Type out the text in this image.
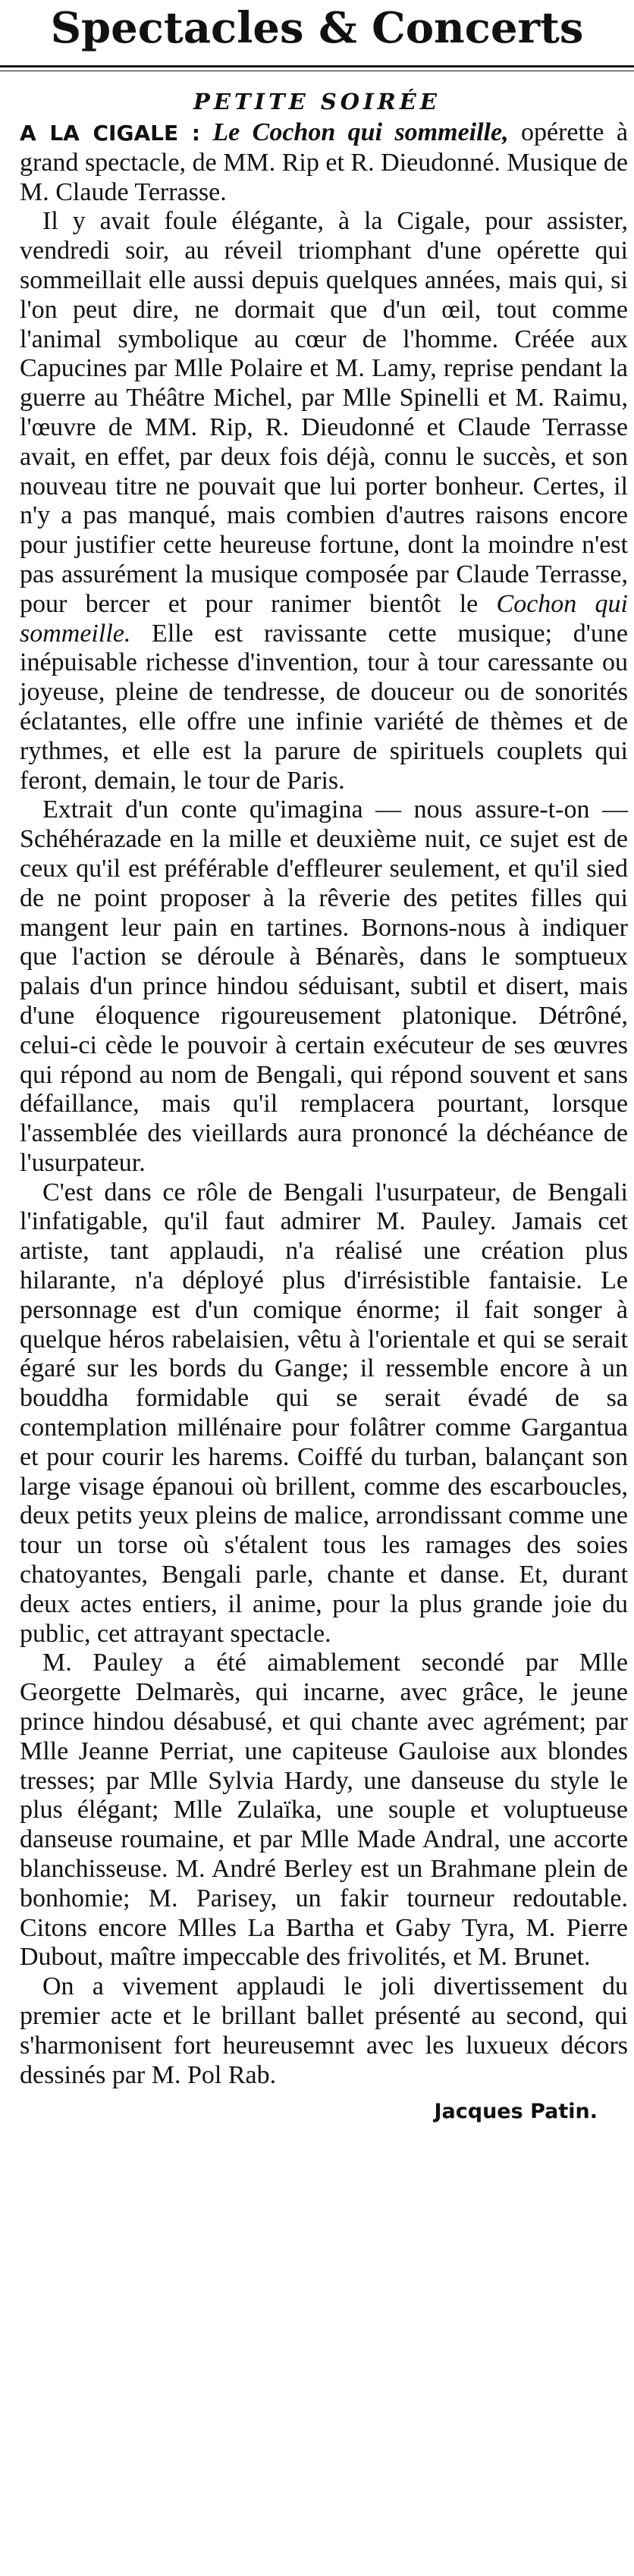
Spectacles & Concerts
PETITE SOIRÉE

A LA CIGALE : Le Cochon qui sommeille, opérette à grand spectacle, de MM. Rip et R. Dieudonné. Musique de M. Claude Terrasse.

Il y avait foule élégante, à la Cigale, pour assister, vendredi soir, au réveil triomphant d'une opérette qui sommeillait elle aussi depuis quelques années, mais qui, si l'on peut dire, ne dormait que d'un œil, tout comme l'animal symbolique au cœur de l'homme. Créée aux Capucines par Mlle Polaire et M. Lamy, reprise pendant la guerre au Théâtre Michel, par Mlle Spinelli et M. Raimu, l'œuvre de MM. Rip, R. Dieudonné et Claude Terrasse avait, en effet, par deux fois déjà, connu le succès, et son nouveau titre ne pouvait que lui porter bonheur. Certes, il n'y a pas manqué, mais combien d'autres raisons encore pour justifier cette heureuse fortune, dont la moindre n'est pas assurément la musique composée par Claude Terrasse, pour bercer et pour ranimer bientôt le Cochon qui sommeille. Elle est ravissante cette musique; d'une inépuisable richesse d'invention, tour à tour caressante ou joyeuse, pleine de tendresse, de douceur ou de sonorités éclatantes, elle offre une infinie variété de thèmes et de rythmes, et elle est la parure de spirituels couplets qui feront, demain, le tour de Paris.

Extrait d'un conte qu'imagina — nous assure-t-on — Schéhérazade en la mille et deuxième nuit, ce sujet est de ceux qu'il est préférable d'effleurer seulement, et qu'il sied de ne point proposer à la rêverie des petites filles qui mangent leur pain en tartines. Bornons-nous à indiquer que l'action se déroule à Bénarès, dans le somptueux palais d'un prince hindou séduisant, subtil et disert, mais d'une éloquence rigoureusement platonique. Détrôné, celui-ci cède le pouvoir à certain exécuteur de ses œuvres qui répond au nom de Bengali, qui répond souvent et sans défaillance, mais qu'il remplacera pourtant, lorsque l'assemblée des vieillards aura prononcé la déchéance de l'usurpateur.

C'est dans ce rôle de Bengali l'usurpateur, de Bengali l'infatigable, qu'il faut admirer M. Pauley. Jamais cet artiste, tant applaudi, n'a réalisé une création plus hilarante, n'a déployé plus d'irrésistible fantaisie. Le personnage est d'un comique énorme; il fait songer à quelque héros rabelaisien, vêtu à l'orientale et qui se serait égaré sur les bords du Gange; il ressemble encore à un bouddha formidable qui se serait évadé de sa contemplation millénaire pour folâtrer comme Gargantua et pour courir les harems. Coiffé du turban, balançant son large visage épanoui où brillent, comme des escarboucles, deux petits yeux pleins de malice, arrondissant comme une tour un torse où s'étalent tous les ramages des soies chatoyantes, Bengali parle, chante et danse. Et, durant deux actes entiers, il anime, pour la plus grande joie du public, cet attrayant spectacle.

M. Pauley a été aimablement secondé par Mlle Georgette Delmarès, qui incarne, avec grâce, le jeune prince hindou désabusé, et qui chante avec agrément; par Mlle Jeanne Perriat, une capiteuse Gauloise aux blondes tresses; par Mlle Sylvia Hardy, une danseuse du style le plus élégant; Mlle Zulaïka, une souple et voluptueuse danseuse roumaine, et par Mlle Made Andral, une accorte blanchisseuse. M. André Berley est un Brahmane plein de bonhomie; M. Parisey, un fakir tourneur redoutable. Citons encore Mlles La Bartha et Gaby Tyra, M. Pierre Dubout, maître impeccable des frivolités, et M. Brunet.

On a vivement applaudi le joli divertissement du premier acte et le brillant ballet présenté au second, qui s'harmonisent fort heureusemnt avec les luxueux décors dessinés par M. Pol Rab.

Jacques Patin.
